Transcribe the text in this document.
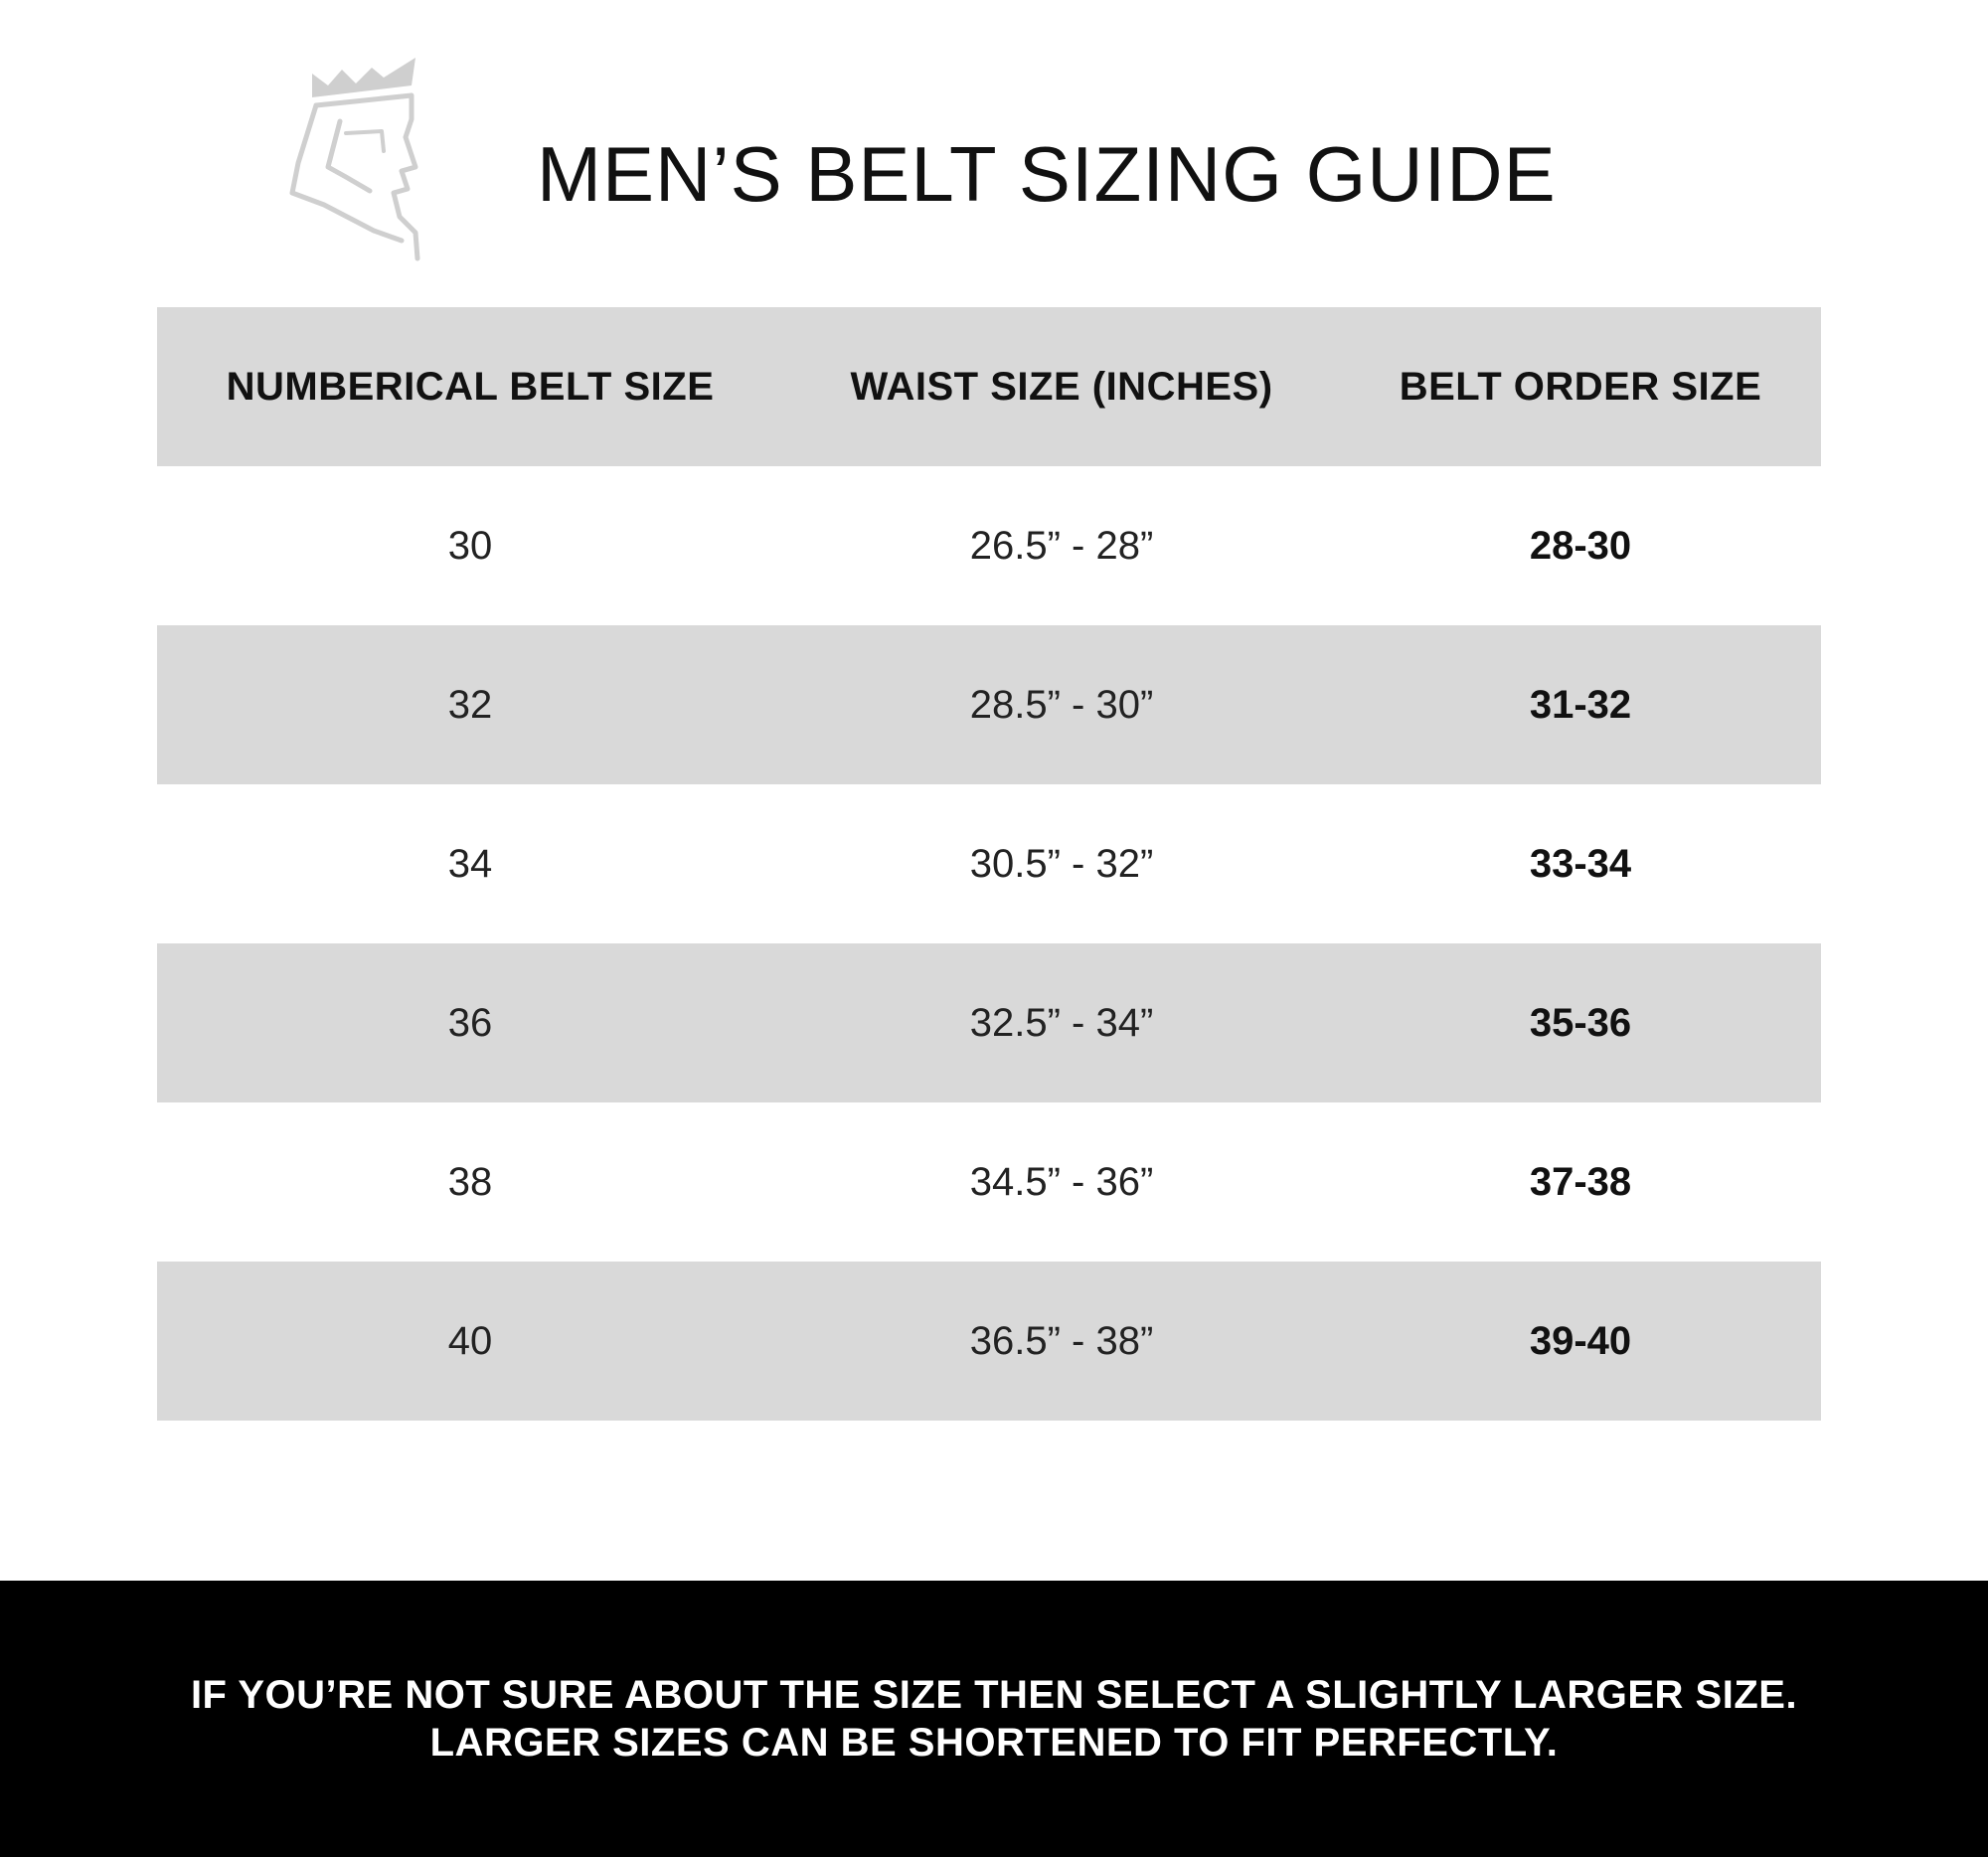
MEN’S BELT SIZING GUIDE
NUMBERICAL BELT SIZE	WAIST SIZE (INCHES)	BELT ORDER SIZE
30	26.5” - 28”	28-30
32	28.5” - 30”	31-32
34	30.5” - 32”	33-34
36	32.5” - 34”	35-36
38	34.5” - 36”	37-38
40	36.5” - 38”	39-40
IF YOU’RE NOT SURE ABOUT THE SIZE THEN SELECT A SLIGHTLY LARGER SIZE.
LARGER SIZES CAN BE SHORTENED TO FIT PERFECTLY.
